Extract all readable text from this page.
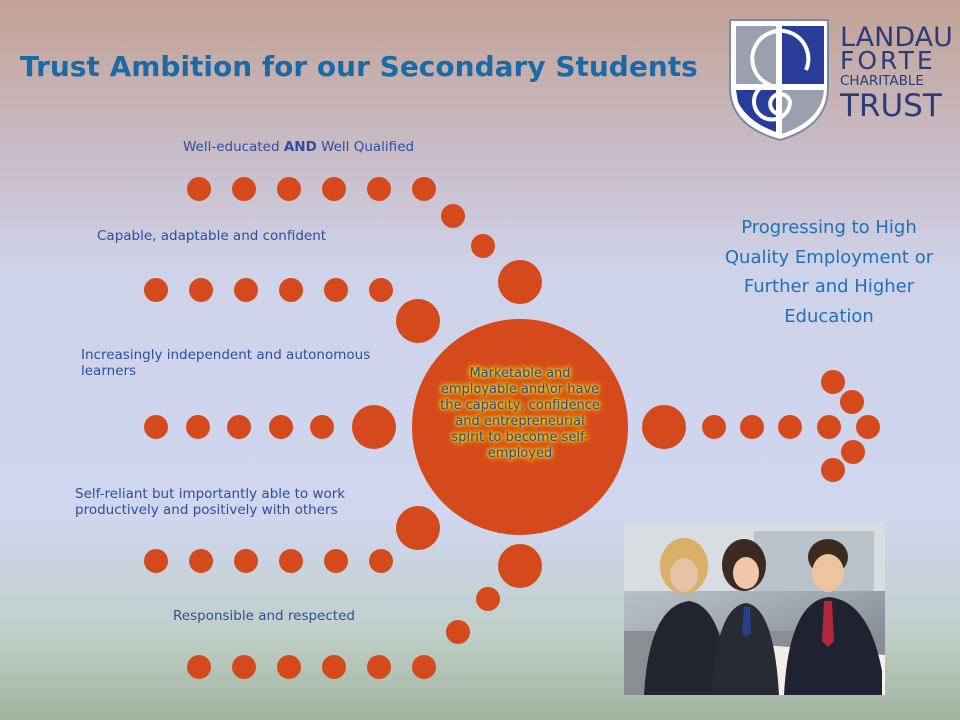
Trust Ambition for our Secondary Students
LANDAU
FORTE
CHARITABLE
TRUST
Well-educated AND Well Qualified
Capable, adaptable and confident
Increasingly independent and autonomous learners
Self-reliant but importantly able to work productively and positively with others
Responsible and respected
Marketable and employable and\or have the capacity, confidence and entrepreneurial spirit to become self-employed
Progressing to High Quality Employment or Further and Higher Education
